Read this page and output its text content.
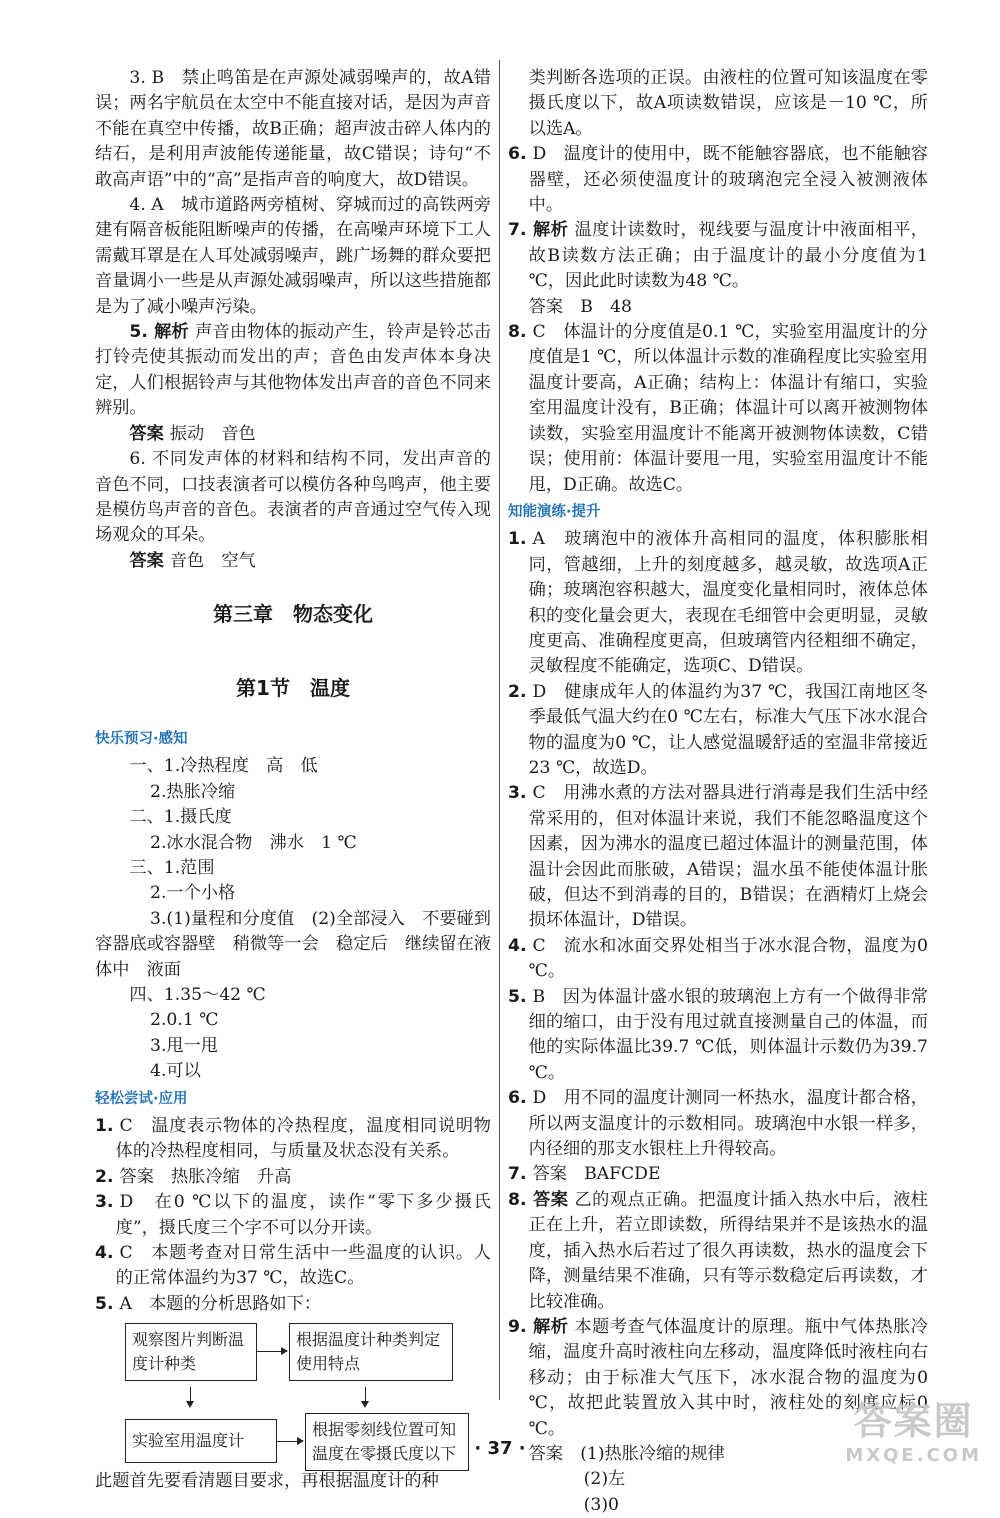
3. B　禁止鸣笛是在声源处减弱噪声的，故A错误；两名宇航员在太空中不能直接对话，是因为声音不能在真空中传播，故B正确；超声波击碎人体内的结石，是利用声波能传递能量，故C错误；诗句“不敢高声语”中的“高”是指声音的响度大，故D错误。

4. A　城市道路两旁植树、穿城而过的高铁两旁建有隔音板能阻断噪声的传播，在高噪声环境下工人需戴耳罩是在人耳处减弱噪声，跳广场舞的群众要把音量调小一些是从声源处减弱噪声，所以这些措施都是为了减小噪声污染。

5. 解析 声音由物体的振动产生，铃声是铃芯击打铃壳使其振动而发出的声；音色由发声体本身决定，人们根据铃声与其他物体发出声音的音色不同来辨别。

答案 振动　音色

6. 不同发声体的材料和结构不同，发出声音的音色不同，口技表演者可以模仿各种鸟鸣声，他主要是模仿鸟声音的音色。表演者的声音通过空气传入现场观众的耳朵。

答案 音色　空气

第三章　物态变化
第1节　温度
快乐预习·感知

一、1.冷热程度　高　低

2.热胀冷缩

二、1.摄氏度

2.冰水混合物　沸水　1 ℃

三、1.范围

2.一个小格

3.(1)量程和分度值　(2)全部浸入　不要碰到容器底或容器壁　稍微等一会　稳定后　继续留在液体中　液面

四、1.35～42 ℃

2.0.1 ℃

3.甩一甩

4.可以

轻松尝试·应用

1. C　温度表示物体的冷热程度，温度相同说明物体的冷热程度相同，与质量及状态没有关系。

2. 答案　热胀冷缩　升高

3. D　在0 ℃以下的温度，读作“零下多少摄氏度”，摄氏度三个字不可以分开读。

4. C　本题考查对日常生活中一些温度的认识。人的正常体温约为37 ℃，故选C。

5. A　本题的分析思路如下：

观察图片判断温度计种类
根据温度计种类判定使用特点
实验室用温度计
根据零刻线位置可知温度在零摄氏度以下

此题首先要看清题目要求，再根据温度计的种

类判断各选项的正误。由液柱的位置可知该温度在零摄氏度以下，故A项读数错误，应该是－10 ℃，所以选A。

6. D　温度计的使用中，既不能触容器底，也不能触容器壁，还必须使温度计的玻璃泡完全浸入被测液体中。

7. 解析 温度计读数时，视线要与温度计中液面相平，故B读数方法正确；由于温度计的最小分度值为1 ℃，因此此时读数为48 ℃。

答案　B　48

8. C　体温计的分度值是0.1 ℃，实验室用温度计的分度值是1 ℃，所以体温计示数的准确程度比实验室用温度计要高，A正确；结构上：体温计有缩口，实验室用温度计没有，B正确；体温计可以离开被测物体读数，实验室用温度计不能离开被测物体读数，C错误；使用前：体温计要甩一甩，实验室用温度计不能甩，D正确。故选C。

知能演练·提升

1. A　玻璃泡中的液体升高相同的温度，体积膨胀相同，管越细，上升的刻度越多，越灵敏，故选项A正确；玻璃泡容积越大，温度变化量相同时，液体总体积的变化量会更大，表现在毛细管中会更明显，灵敏度更高、准确程度更高，但玻璃管内径粗细不确定，灵敏程度不能确定，选项C、D错误。

2. D　健康成年人的体温约为37 ℃，我国江南地区冬季最低气温大约在0 ℃左右，标准大气压下冰水混合物的温度为0 ℃，让人感觉温暖舒适的室温非常接近23 ℃，故选D。

3. C　用沸水煮的方法对器具进行消毒是我们生活中经常采用的，但对体温计来说，我们不能忽略温度这个因素，因为沸水的温度已超过体温计的测量范围，体温计会因此而胀破，A错误；温水虽不能使体温计胀破，但达不到消毒的目的，B错误；在酒精灯上烧会损坏体温计，D错误。

4. C　流水和冰面交界处相当于冰水混合物，温度为0 ℃。

5. B　因为体温计盛水银的玻璃泡上方有一个做得非常细的缩口，由于没有甩过就直接测量自己的体温，而他的实际体温比39.7 ℃低，则体温计示数仍为39.7 ℃。

6. D　用不同的温度计测同一杯热水，温度计都合格，所以两支温度计的示数相同。玻璃泡中水银一样多，内径细的那支水银柱上升得较高。

7. 答案　BAFCDE

8. 答案 乙的观点正确。把温度计插入热水中后，液柱正在上升，若立即读数，所得结果并不是该热水的温度，插入热水后若过了很久再读数，热水的温度会下降，测量结果不准确，只有等示数稳定后再读数，才比较准确。

9. 解析 本题考查气体温度计的原理。瓶中气体热胀冷缩，温度升高时液柱向左移动，温度降低时液柱向右移动；由于标准大气压下，冰水混合物的温度为0 ℃，故把此装置放入其中时，液柱处的刻度应标0 ℃。

答案　(1)热胀冷缩的规律

(2)左

(3)0

· 37 ·
答案圈
MXQE.COM
